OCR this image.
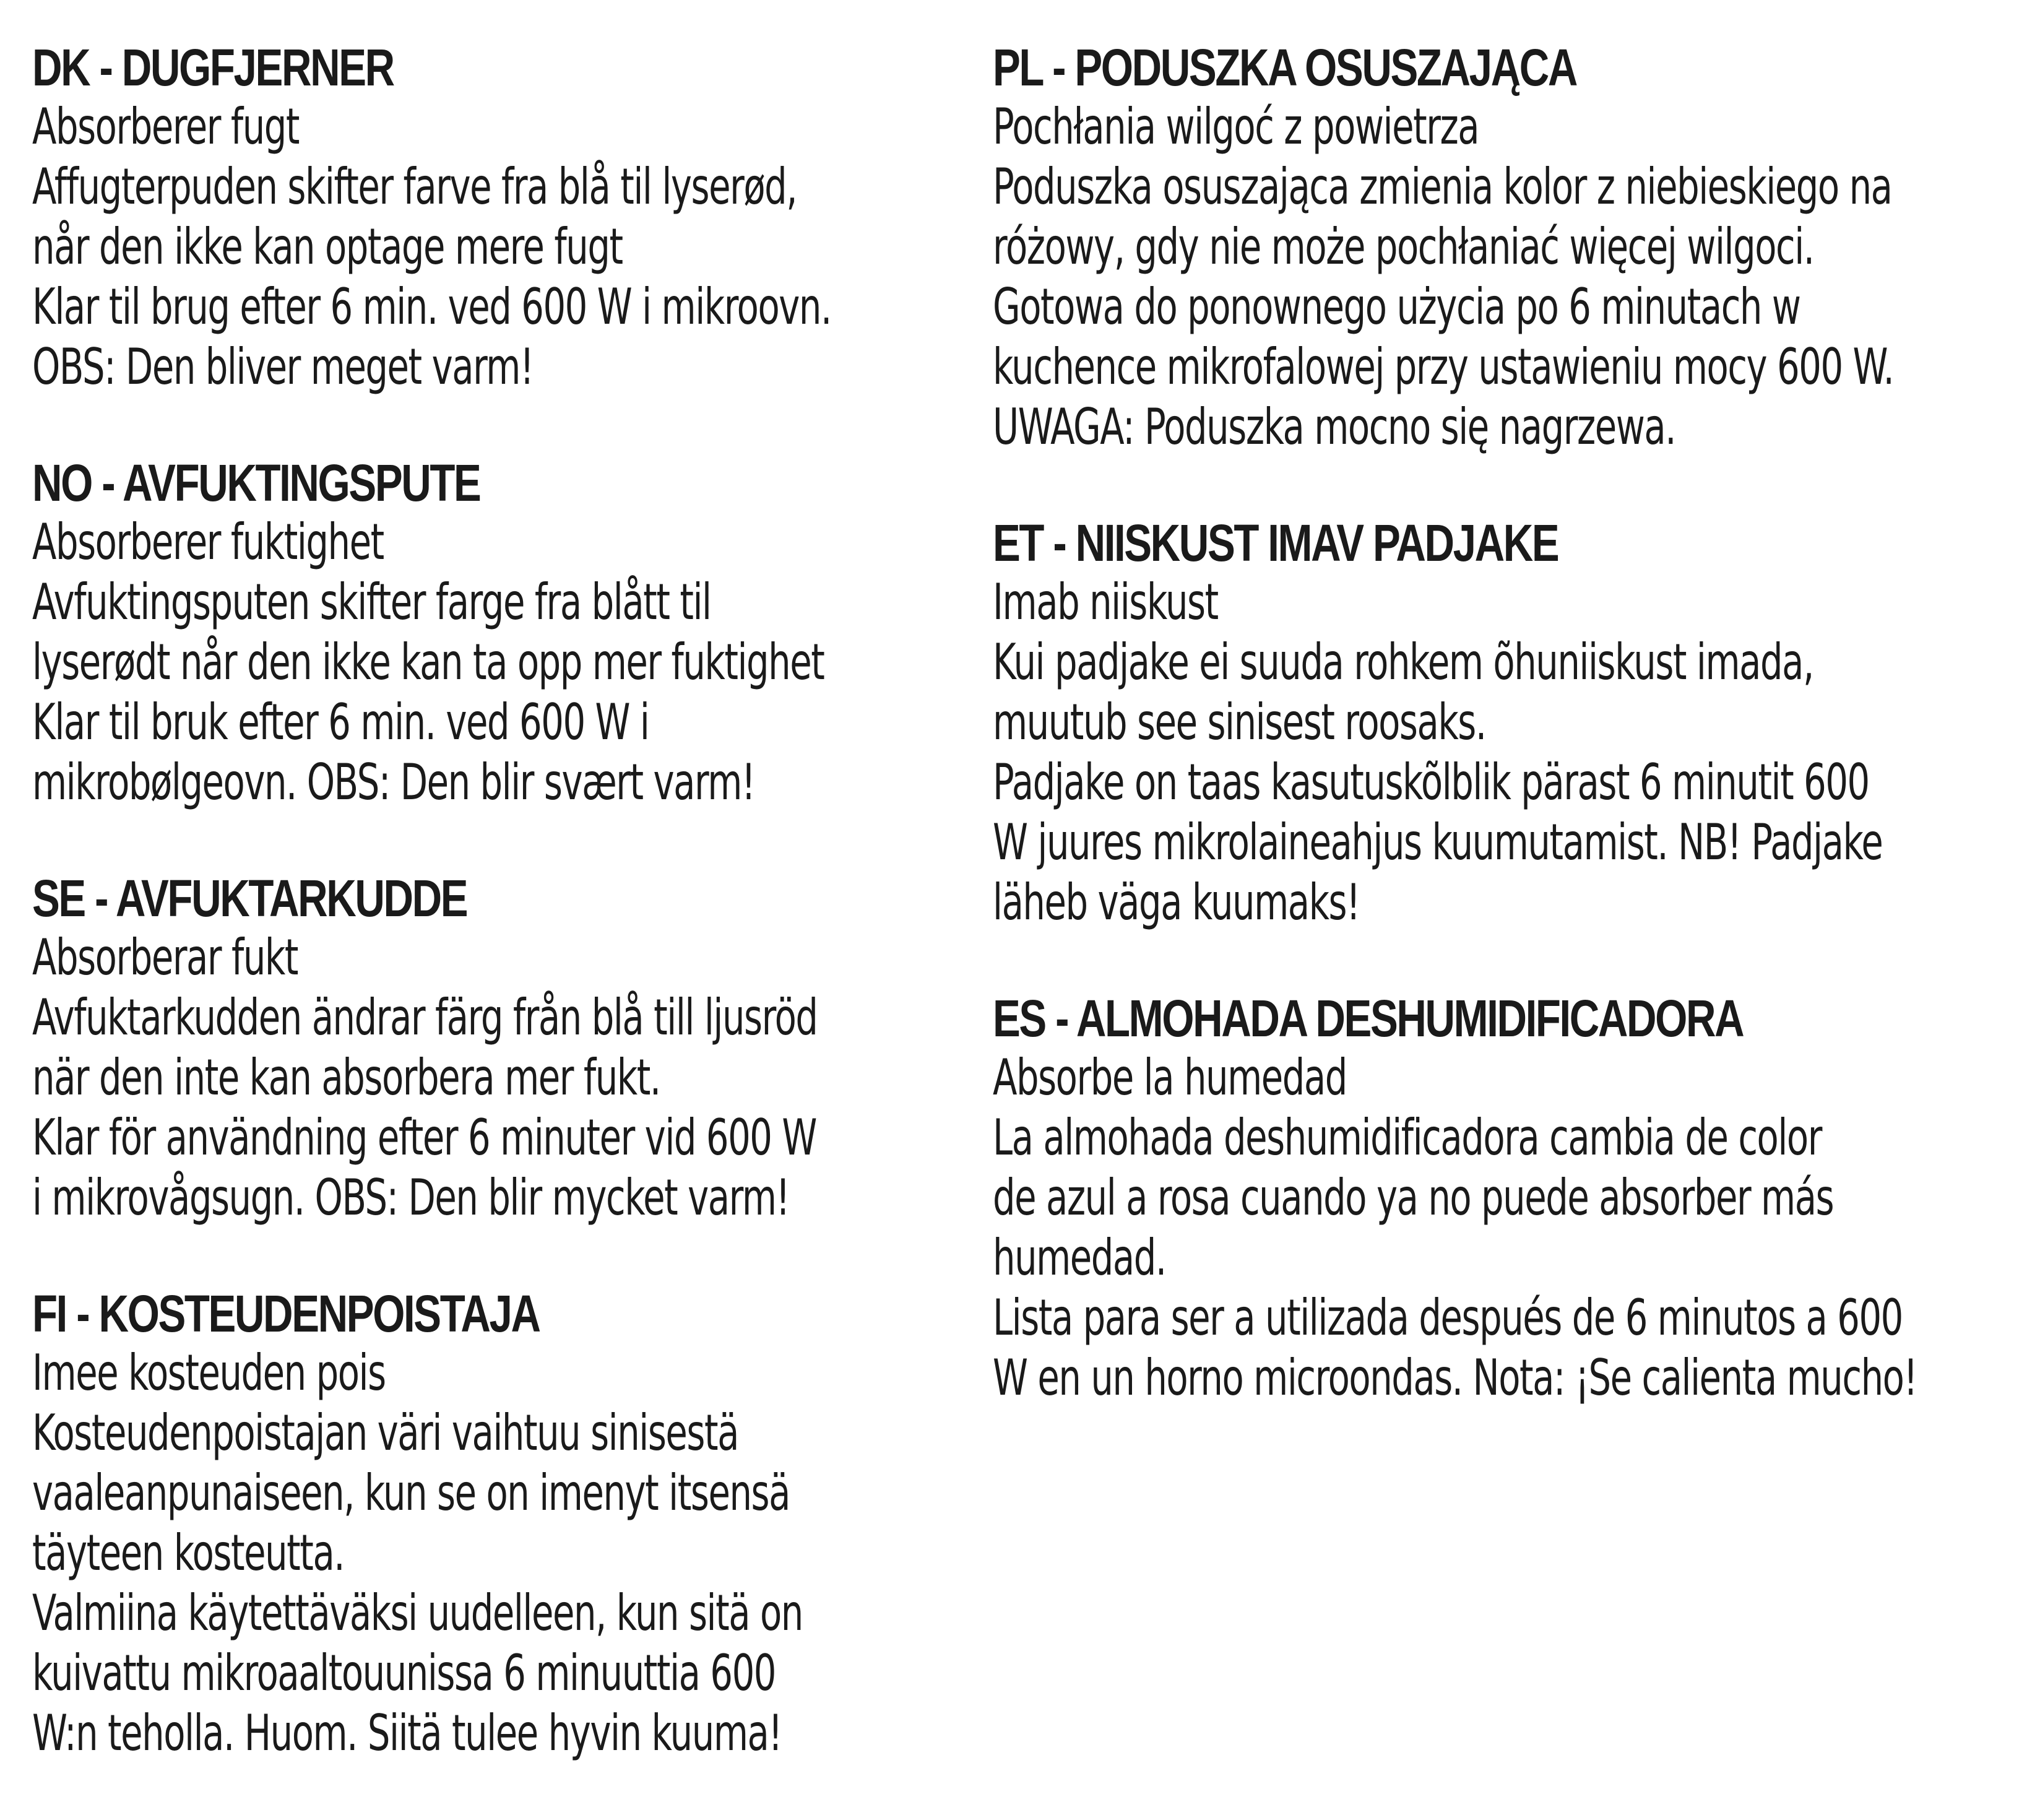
DK - DUGFJERNER
Absorberer fugt
Affugterpuden skifter farve fra blå til lyserød,
når den ikke kan optage mere fugt
Klar til brug efter 6 min. ved 600 W i mikroovn.
OBS: Den bliver meget varm!
NO - AVFUKTINGSPUTE
Absorberer fuktighet
Avfuktingsputen skifter farge fra blått til
lyserødt når den ikke kan ta opp mer fuktighet
Klar til bruk efter 6 min. ved 600 W i
mikrobølgeovn. OBS: Den blir svært varm!
SE - AVFUKTARKUDDE
Absorberar fukt
Avfuktarkudden ändrar färg från blå till ljusröd
när den inte kan absorbera mer fukt.
Klar för användning efter 6 minuter vid 600 W
i mikrovågsugn. OBS: Den blir mycket varm!
FI - KOSTEUDENPOISTAJA
Imee kosteuden pois
Kosteudenpoistajan väri vaihtuu sinisestä
vaaleanpunaiseen, kun se on imenyt itsensä
täyteen kosteutta.
Valmiina käytettäväksi uudelleen, kun sitä on
kuivattu mikroaaltouunissa 6 minuuttia 600
W:n teholla. Huom. Siitä tulee hyvin kuuma!
PL - PODUSZKA OSUSZAJĄCA
Pochłania wilgoć z powietrza
Poduszka osuszająca zmienia kolor z niebieskiego na
różowy, gdy nie może pochłaniać więcej wilgoci.
Gotowa do ponownego użycia po 6 minutach w
kuchence mikrofalowej przy ustawieniu mocy 600 W.
UWAGA: Poduszka mocno się nagrzewa.
ET - NIISKUST IMAV PADJAKE
Imab niiskust
Kui padjake ei suuda rohkem õhuniiskust imada,
muutub see sinisest roosaks.
Padjake on taas kasutuskõlblik pärast 6 minutit 600
W juures mikrolaineahjus kuumutamist. NB! Padjake
läheb väga kuumaks!
ES - ALMOHADA DESHUMIDIFICADORA
Absorbe la humedad
La almohada deshumidificadora cambia de color
de azul a rosa cuando ya no puede absorber más
humedad.
Lista para ser a utilizada después de 6 minutos a 600
W en un horno microondas. Nota: ¡Se calienta mucho!
